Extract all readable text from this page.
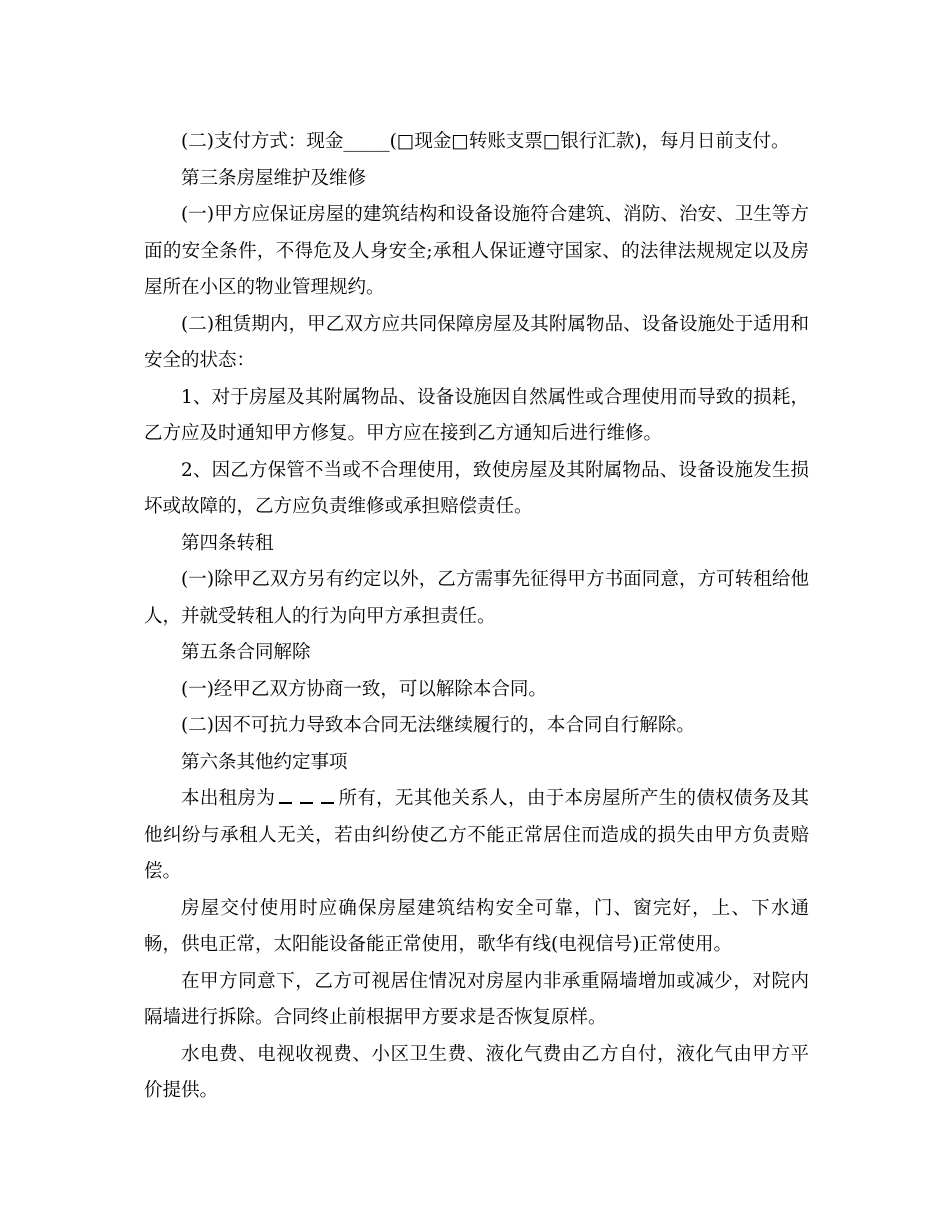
(二)支付方式：现金_____(□现金□转账支票□银行汇款)，每月日前支付。

第三条房屋维护及维修

(一)甲方应保证房屋的建筑结构和设备设施符合建筑、消防、治安、卫生等方面的安全条件，不得危及人身安全;承租人保证遵守国家、的法律法规规定以及房屋所在小区的物业管理规约。

(二)租赁期内，甲乙双方应共同保障房屋及其附属物品、设备设施处于适用和安全的状态：

1、对于房屋及其附属物品、设备设施因自然属性或合理使用而导致的损耗，乙方应及时通知甲方修复。甲方应在接到乙方通知后进行维修。

2、因乙方保管不当或不合理使用，致使房屋及其附属物品、设备设施发生损坏或故障的，乙方应负责维修或承担赔偿责任。

第四条转租

(一)除甲乙双方另有约定以外，乙方需事先征得甲方书面同意，方可转租给他人，并就受转租人的行为向甲方承担责任。

第五条合同解除

(一)经甲乙双方协商一致，可以解除本合同。

(二)因不可抗力导致本合同无法继续履行的，本合同自行解除。

第六条其他约定事项

本出租房为	所有，无其他关系人，由于本房屋所产生的债权债务及其他纠纷与承租人无关，若由纠纷使乙方不能正常居住而造成的损失由甲方负责赔偿。

房屋交付使用时应确保房屋建筑结构安全可靠，门、窗完好，上、下水通畅，供电正常，太阳能设备能正常使用，歌华有线(电视信号)正常使用。

在甲方同意下，乙方可视居住情况对房屋内非承重隔墙增加或减少，对院内隔墙进行拆除。合同终止前根据甲方要求是否恢复原样。

水电费、电视收视费、小区卫生费、液化气费由乙方自付，液化气由甲方平价提供。
